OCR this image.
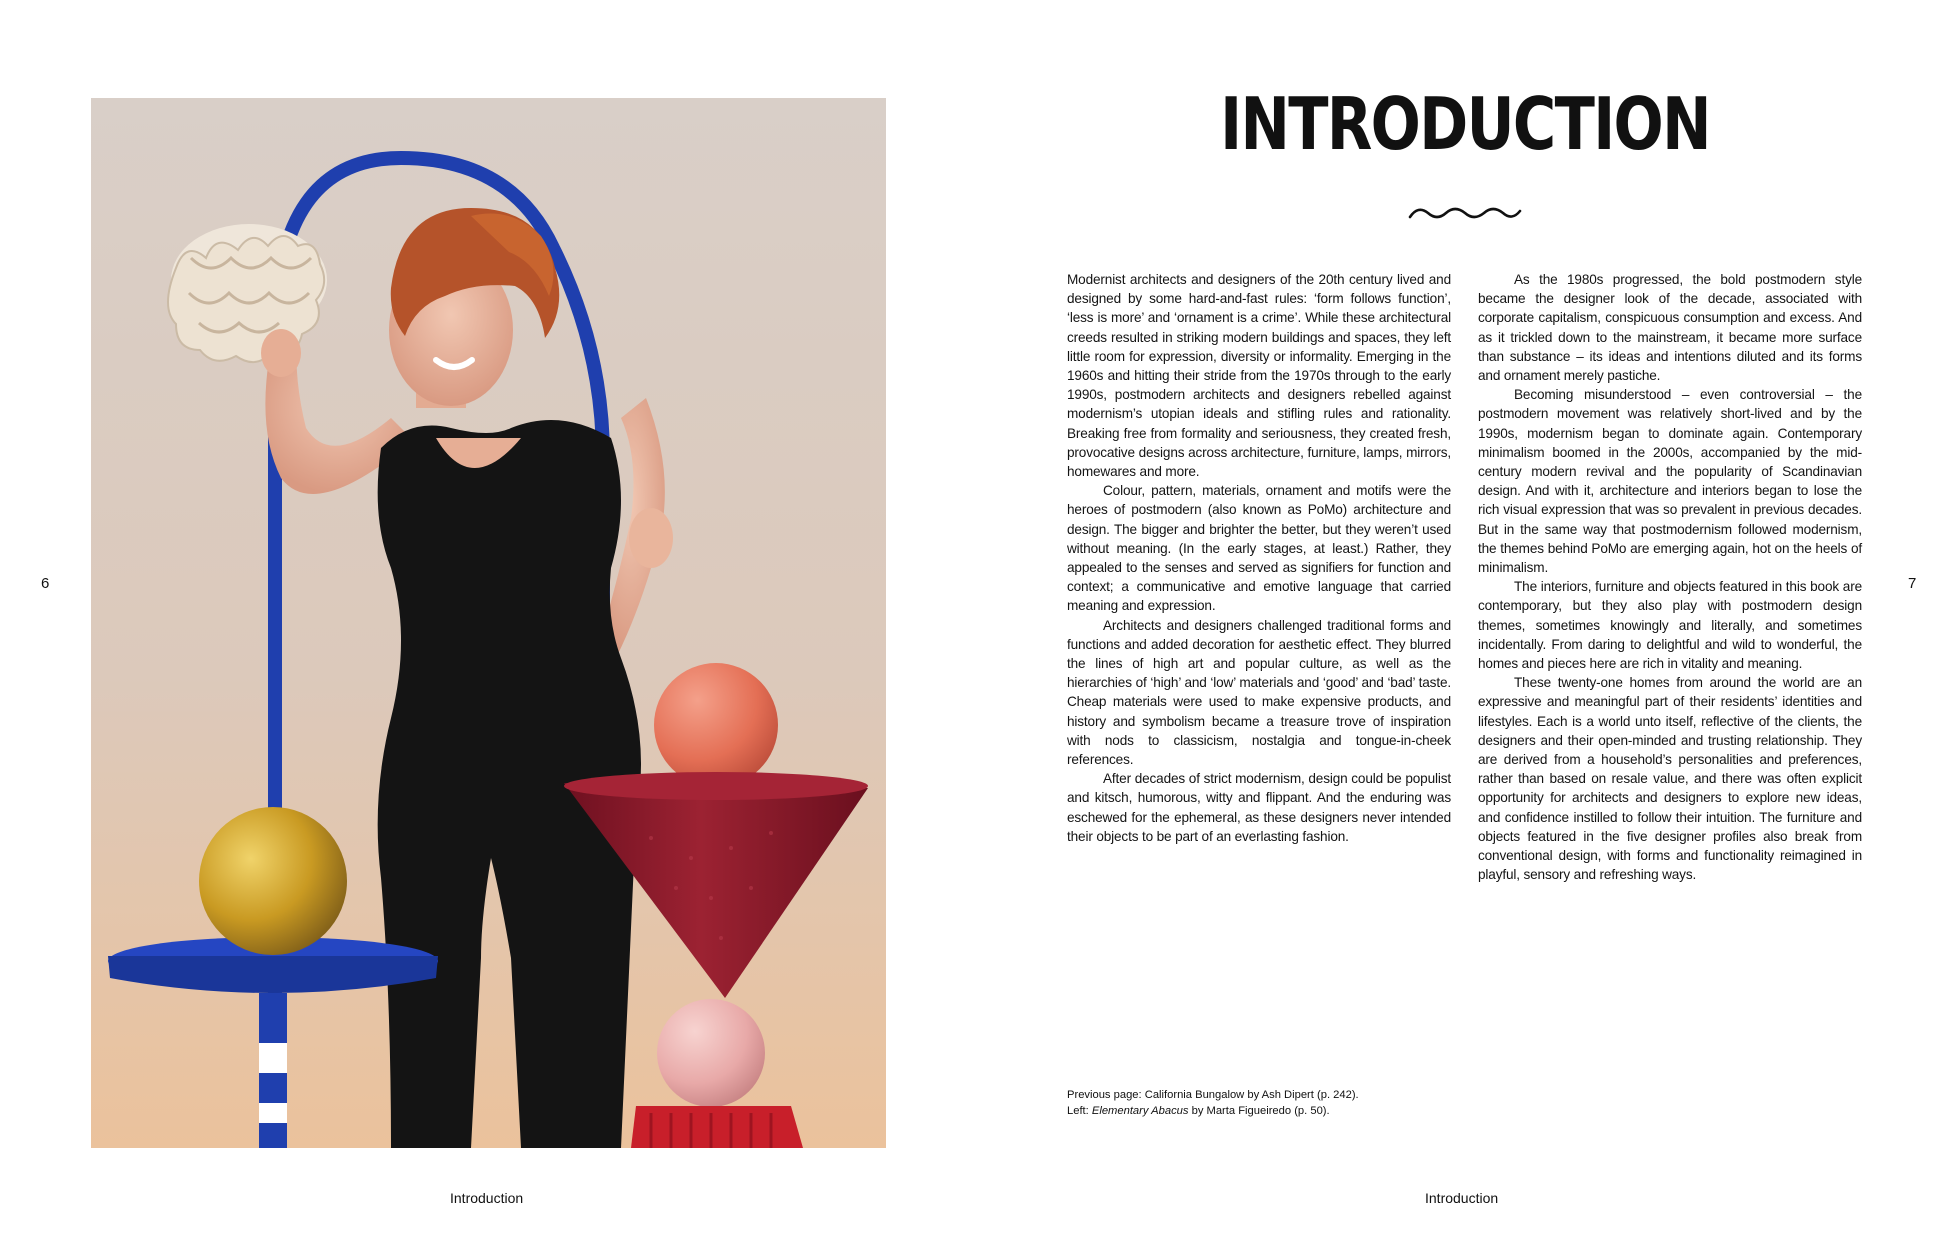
6	7
INTRODUCTION

Modernist architects and designers of the 20th century lived and designed by some hard-and-fast rules: ‘form follows function’, ‘less is more’ and ‘ornament is a crime’. While these architectural creeds resulted in striking modern buildings and spaces, they left little room for expression, diversity or informality. Emerging in the 1960s and hitting their stride from the 1970s through to the early 1990s, postmodern architects and designers rebelled against modernism’s utopian ideals and stifling rules and rationality. Breaking free from formality and seriousness, they created fresh, provocative designs across architecture, furniture, lamps, mirrors, homewares and more.

Colour, pattern, materials, ornament and motifs were the heroes of postmodern (also known as PoMo) architecture and design. The bigger and brighter the better, but they weren’t used without meaning. (In the early stages, at least.) Rather, they appealed to the senses and served as signifiers for function and context; a communicative and emotive language that carried meaning and expression.

Architects and designers challenged traditional forms and functions and added decoration for aesthetic effect. They blurred the lines of high art and popular culture, as well as the hierarchies of ‘high’ and ‘low’ materials and ‘good’ and ‘bad’ taste. Cheap materials were used to make expensive products, and history and symbolism became a treasure trove of inspiration with nods to classicism, nostalgia and tongue-in-cheek references.

After decades of strict modernism, design could be populist and kitsch, humorous, witty and flippant. And the enduring was eschewed for the ephemeral, as these designers never intended their objects to be part of an everlasting fashion.

As the 1980s progressed, the bold postmodern style became the designer look of the decade, associated with corporate capitalism, conspicuous consumption and excess. And as it trickled down to the mainstream, it became more surface than substance – its ideas and intentions diluted and its forms and ornament merely pastiche.

Becoming misunderstood – even controversial – the postmodern movement was relatively short-lived and by the 1990s, modernism began to dominate again. Contemporary minimalism boomed in the 2000s, accompanied by the mid-century modern revival and the popularity of Scandinavian design. And with it, architecture and interiors began to lose the rich visual expression that was so prevalent in previous decades. But in the same way that postmodernism followed modernism, the themes behind PoMo are emerging again, hot on the heels of minimalism.

The interiors, furniture and objects featured in this book are contemporary, but they also play with postmodern design themes, sometimes knowingly and literally, and sometimes incidentally. From daring to delightful and wild to wonderful, the homes and pieces here are rich in vitality and meaning.

These twenty-one homes from around the world are an expressive and meaningful part of their residents’ identities and lifestyles. Each is a world unto itself, reflective of the clients, the designers and their open-minded and trusting relationship. They are derived from a household’s personalities and preferences, rather than based on resale value, and there was often explicit opportunity for architects and designers to explore new ideas, and confidence instilled to follow their intuition. The furniture and objects featured in the five designer profiles also break from conventional design, with forms and functionality reimagined in playful, sensory and refreshing ways.

Previous page: California Bungalow by Ash Dipert (p. 242).
Left: Elementary Abacus by Marta Figueiredo (p. 50).
Introduction	Introduction
